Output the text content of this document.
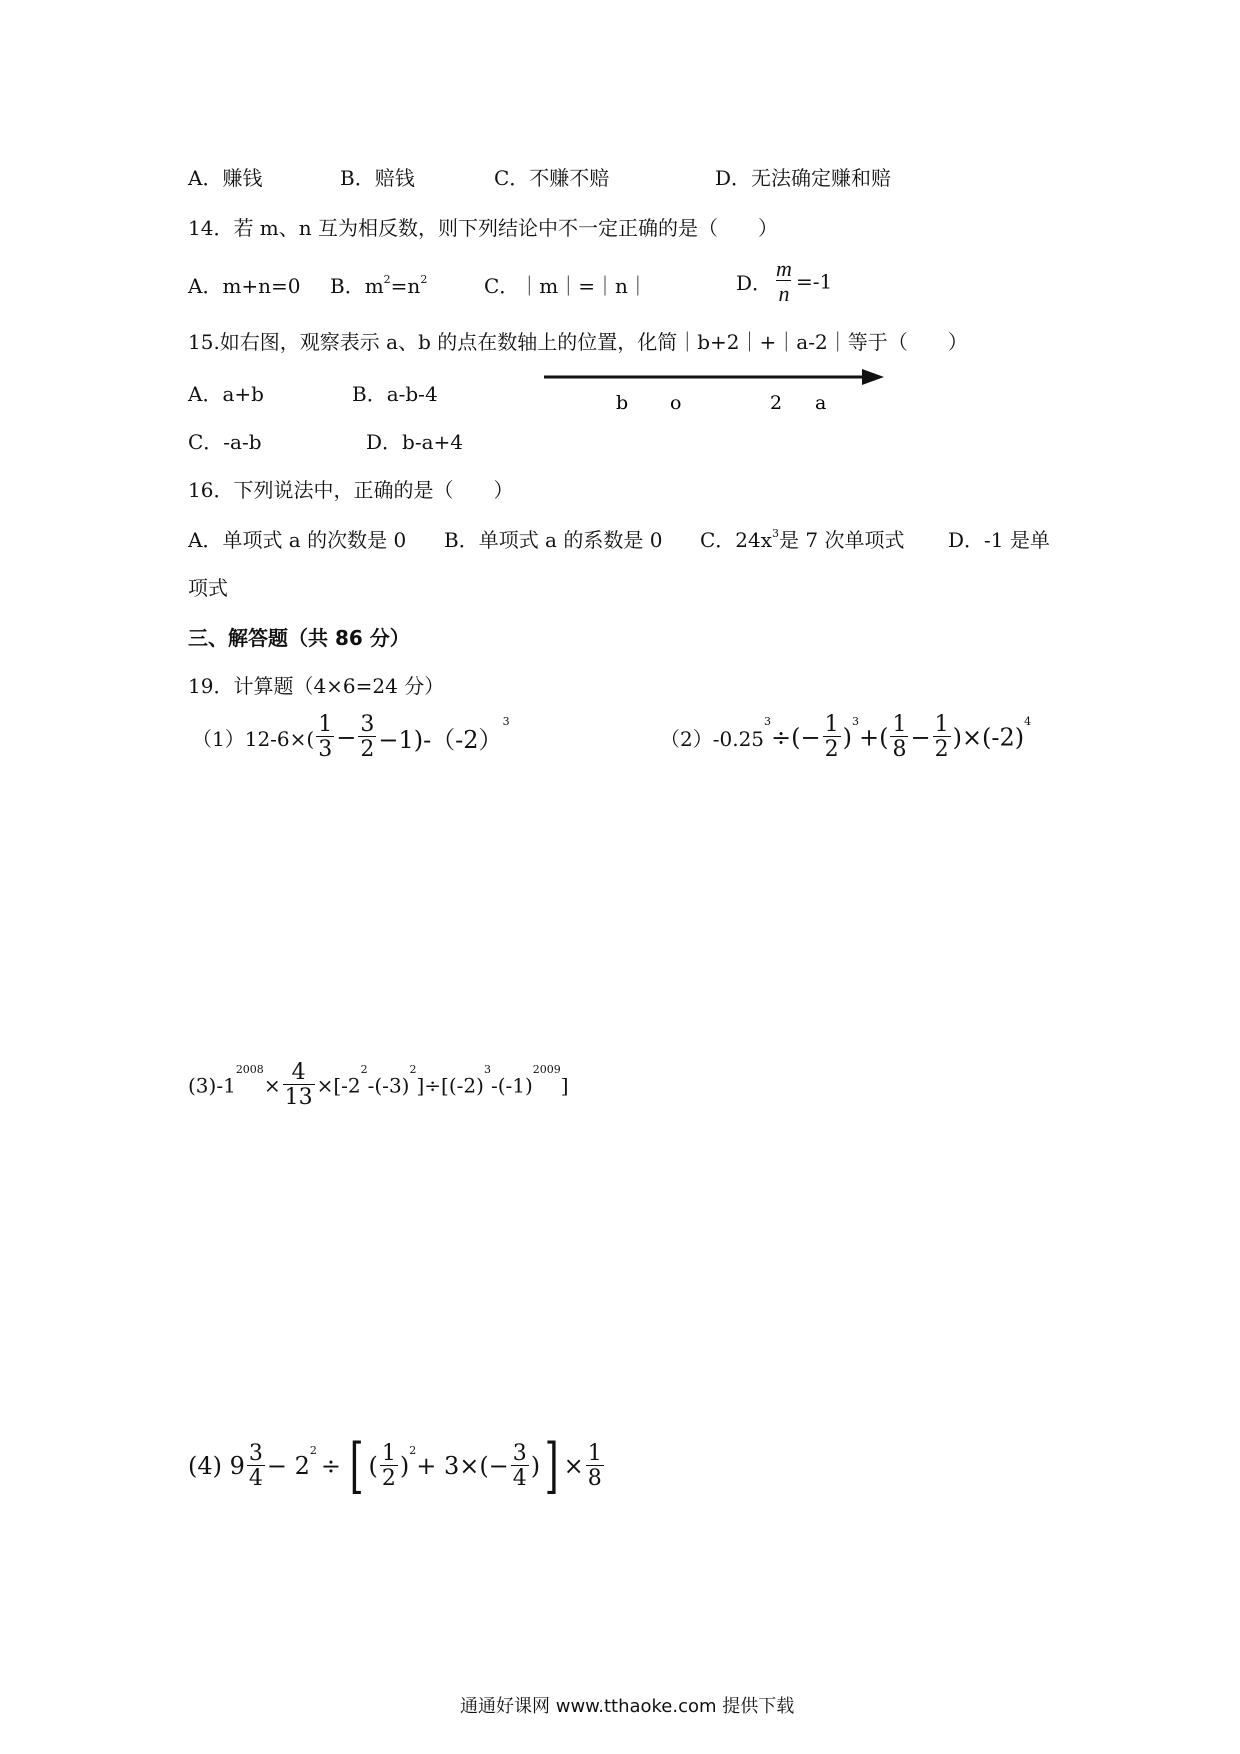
A．赚钱	B．赔钱	C．不赚不赔	D．无法确定赚和赔
14．若 m、n 互为相反数，则下列结论中不一定正确的是（　　）
A．m+n=0 B．$m^2=n^2$	C．｜m｜=｜n｜	D． $\frac{m}{n} =-1$
15.如右图，观察表示 a、b 的点在数轴上的位置，化简｜b+2｜+｜a-2｜等于（　　）
A．a+b	B．a-b-4
C．-a-b	D．b-a+4
b o	2 a
16．下列说法中，正确的是（　　）
A．单项式 a 的次数是 0 B．单项式 a 的系数是 0 C．$24x^3$是 7 次单项式 D．-1 是单
项式
三、解答题（共 86 分）
19．计算题（4×6=24 分）
$(1)12-6\times( \frac{1}{3} - \frac{3}{2} -1)-(-2)^3$
$(2)-0.25^3\div(- \frac{1}{2} )^3+( \frac{1}{8} - \frac{1}{2} )\times(-2)^4$
$(3)-1^{2008}\times \frac{4}{13} \times[-2^2-(-3)^2]\div[(-2)^3-(-1)^{2009}]$
(4) $9 \frac{3}{4} - 2^2\div$ [ ( $\frac{1}{2} )^2+ 3\times(- \frac{3}{4}$ )] × $\frac{1}{8}$
通通好课网 www.tthaoke.com 提供下载
